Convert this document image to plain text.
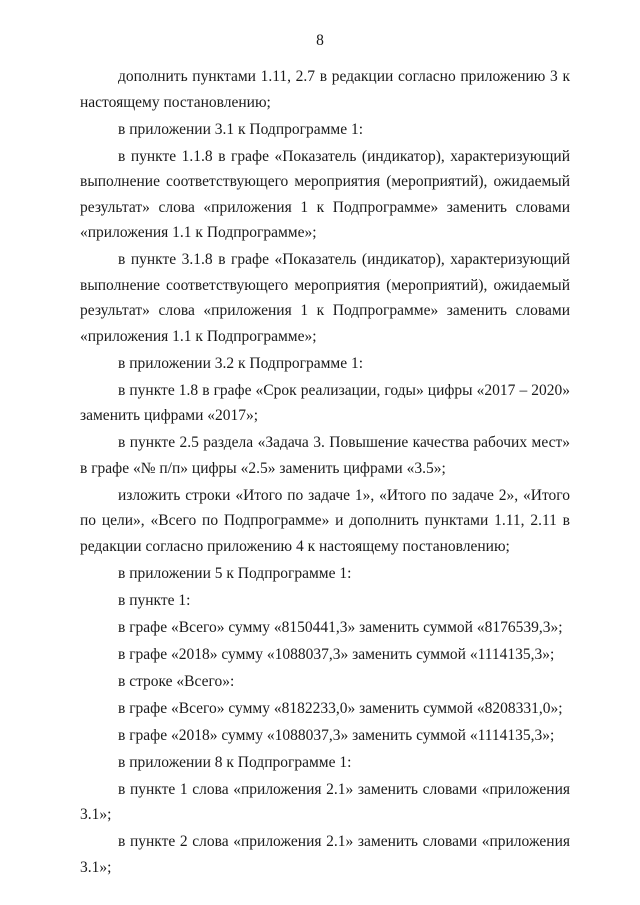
8

дополнить пунктами 1.11, 2.7 в редакции согласно приложению 3 к настоящему постановлению;

в приложении 3.1 к Подпрограмме 1:

в пункте 1.1.8 в графе «Показатель (индикатор), характеризующий выполнение соответствующего мероприятия (мероприятий), ожидаемый результат» слова «приложения 1 к Подпрограмме» заменить словами «приложения 1.1 к Подпрограмме»;

в пункте 3.1.8 в графе «Показатель (индикатор), характеризующий выполнение соответствующего мероприятия (мероприятий), ожидаемый результат» слова «приложения 1 к Подпрограмме» заменить словами «приложения 1.1 к Подпрограмме»;

в приложении 3.2 к Подпрограмме 1:

в пункте 1.8 в графе «Срок реализации, годы» цифры «2017 – 2020» заменить цифрами «2017»;

в пункте 2.5 раздела «Задача 3. Повышение качества рабочих мест» в графе «№ п/п» цифры «2.5» заменить цифрами «3.5»;

изложить строки «Итого по задаче 1», «Итого по задаче 2», «Итого по цели», «Всего по Подпрограмме» и дополнить пунктами 1.11, 2.11 в редакции согласно приложению 4 к настоящему постановлению;

в приложении 5 к Подпрограмме 1:

в пункте 1:

в графе «Всего» сумму «8150441,3» заменить суммой «8176539,3»;

в графе «2018» сумму «1088037,3» заменить суммой «1114135,3»;

в строке «Всего»:

в графе «Всего» сумму «8182233,0» заменить суммой «8208331,0»;

в графе «2018» сумму «1088037,3» заменить суммой «1114135,3»;

в приложении 8 к Подпрограмме 1:

в пункте 1 слова «приложения 2.1» заменить словами «приложения 3.1»;

в пункте 2 слова «приложения 2.1» заменить словами «приложения 3.1»;
